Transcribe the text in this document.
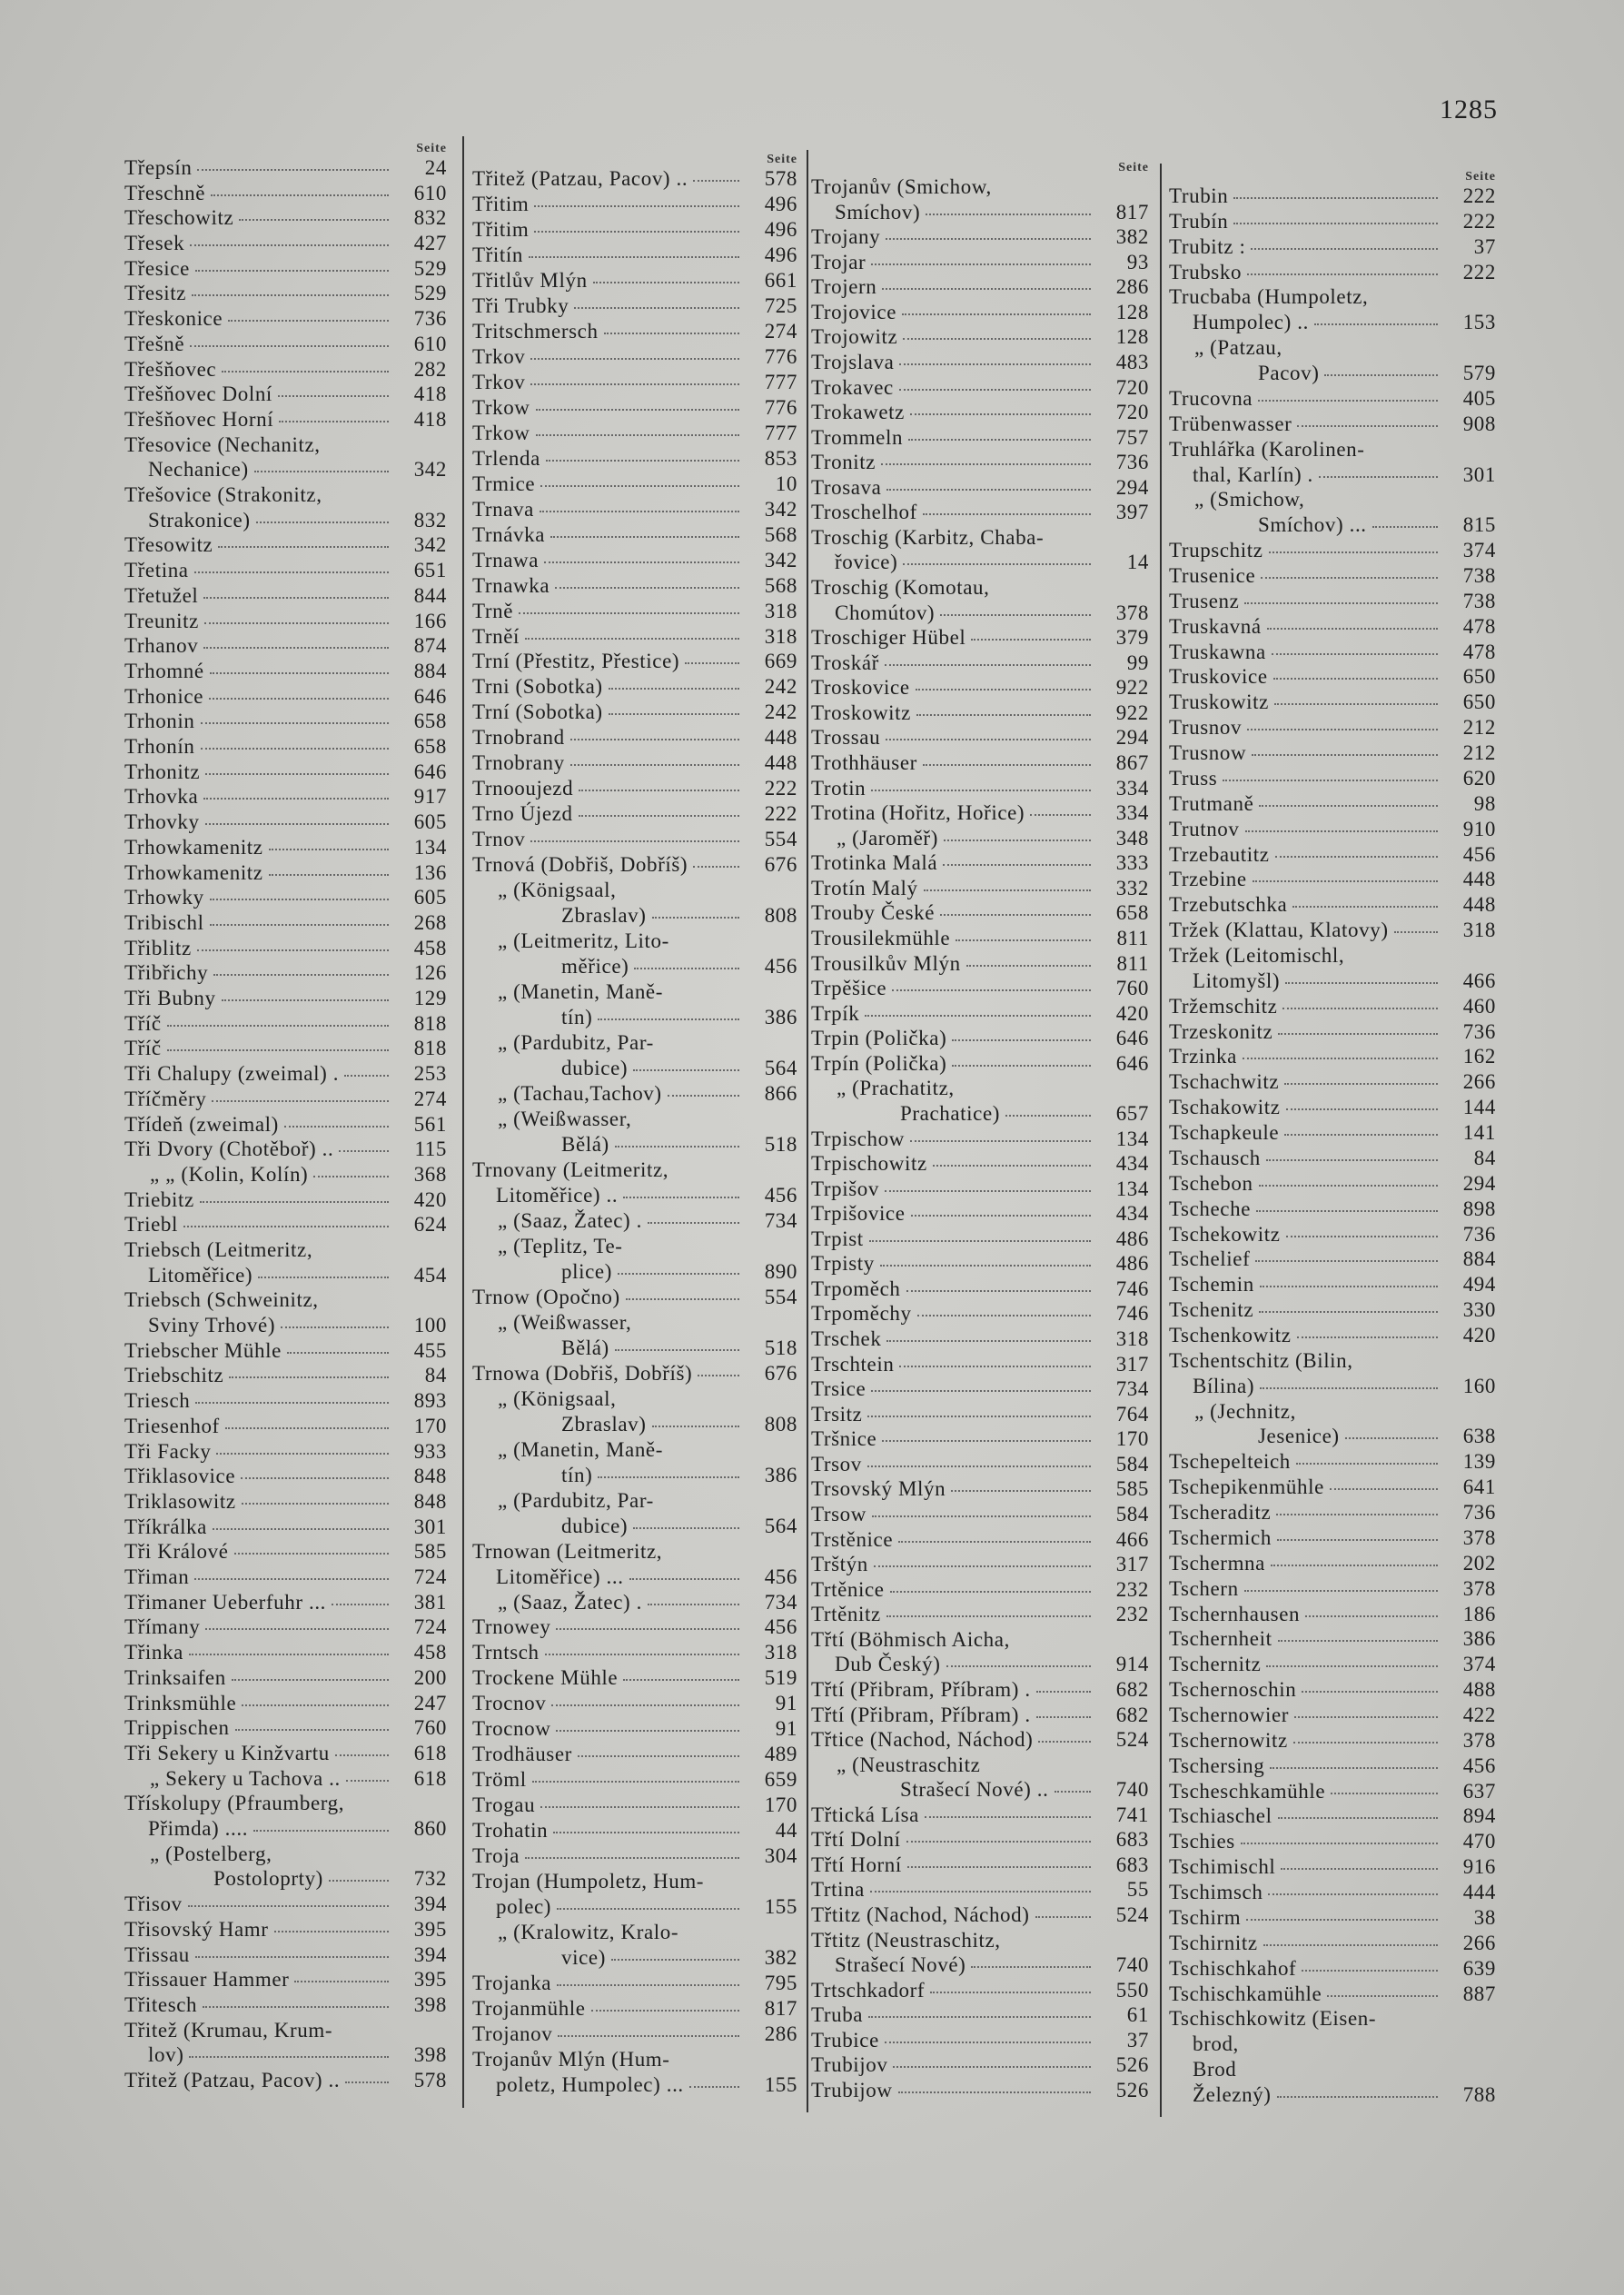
1285
Seite
Třepsín	24
Třeschně	610
Třeschowitz	832
Třesek	427
Třesice	529
Třesitz	529
Třeskonice	736
Třešně	610
Třešňovec	282
Třešňovec Dolní	418
Třešňovec Horní	418
Třesovice (Nechanitz,
Nechanice)	342
Třešovice (Strakonitz,
Strakonice)	832
Třesowitz	342
Třetina	651
Třetužel	844
Treunitz	166
Trhanov	874
Trhomné	884
Trhonice	646
Trhonin	658
Trhonín	658
Trhonitz	646
Trhovka	917
Trhovky	605
Trhowkamenitz	134
Trhowkamenitz	136
Trhowky	605
Tribischl	268
Třiblitz	458
Třibřichy	126
Tři Bubny	129
Tříč	818
Tříč	818
Tři Chalupy (zweimal) .	253
Tříčměry	274
Třídeň (zweimal)	561
Tři Dvory (Chotěboř) ..	115
„ „ (Kolin, Kolín)	368
Triebitz	420
Triebl	624
Triebsch (Leitmeritz,
Litoměřice)	454
Triebsch (Schweinitz,
Sviny Trhové)	100
Triebscher Mühle	455
Triebschitz	84
Triesch	893
Triesenhof	170
Tři Facky	933
Třiklasovice	848
Triklasowitz	848
Tříkrálka	301
Tři Králové	585
Třiman	724
Třimaner Ueberfuhr ...	381
Třímany	724
Třinka	458
Trinksaifen	200
Trinksmühle	247
Trippischen	760
Tři Sekery u Kinžvartu	618
„ Sekery u Tachova ..	618
Třískolupy (Pfraumberg,
Přimda) ....	860
„ (Postelberg,
Postoloprty)	732
Třisov	394
Třisovský Hamr	395
Třissau	394
Třissauer Hammer	395
Třitesch	398
Třitež (Krumau, Krum-
lov)	398
Třitež (Patzau, Pacov) ..	578
Seite
Třitež (Patzau, Pacov) ..	578
Třitim	496
Třitim	496
Třitín	496
Třitlův Mlýn	661
Tři Trubky	725
Tritschmersch	274
Trkov	776
Trkov	777
Trkow	776
Trkow	777
Trlenda	853
Trmice	10
Trnava	342
Trnávka	568
Trnawa	342
Trnawka	568
Trně	318
Trněí	318
Trní (Přestitz, Přestice)	669
Trni (Sobotka)	242
Trní (Sobotka)	242
Trnobrand	448
Trnobrany	448
Trnooujezd	222
Trno Újezd	222
Trnov	554
Trnová (Dobřiš, Dobříš)	676
„ (Königsaal,
Zbraslav)	808
„ (Leitmeritz, Lito-
měřice)	456
„ (Manetin, Maně-
tín)	386
„ (Pardubitz, Par-
dubice)	564
„ (Tachau,Tachov)	866
„ (Weißwasser,
Bělá)	518
Trnovany (Leitmeritz,
Litoměřice) ..	456
„ (Saaz, Žatec) .	734
„ (Teplitz, Te-
plice)	890
Trnow (Opočno)	554
„ (Weißwasser,
Bělá)	518
Trnowa (Dobřiš, Dobříš)	676
„ (Königsaal,
Zbraslav)	808
„ (Manetin, Maně-
tín)	386
„ (Pardubitz, Par-
dubice)	564
Trnowan (Leitmeritz,
Litoměřice) ...	456
„ (Saaz, Žatec) .	734
Trnowey	456
Trntsch	318
Trockene Mühle	519
Trocnov	91
Trocnow	91
Trodhäuser	489
Tröml	659
Trogau	170
Trohatin	44
Troja	304
Trojan (Humpoletz, Hum-
polec)	155
„ (Kralowitz, Kralo-
vice)	382
Trojanka	795
Trojanmühle	817
Trojanov	286
Trojanův Mlýn (Hum-
poletz, Humpolec) ...	155
Seite
Trojanův (Smichow,
Smíchov)	817
Trojany	382
Trojar	93
Trojern	286
Trojovice	128
Trojowitz	128
Trojslava	483
Trokavec	720
Trokawetz	720
Trommeln	757
Tronitz	736
Trosava	294
Troschelhof	397
Troschig (Karbitz, Chaba-
řovice)	14
Troschig (Komotau,
Chomútov)	378
Troschiger Hübel	379
Troskář	99
Troskovice	922
Troskowitz	922
Trossau	294
Trothhäuser	867
Trotin	334
Trotina (Hořitz, Hořice)	334
„ (Jaroměř)	348
Trotinka Malá	333
Trotín Malý	332
Trouby České	658
Trousilekmühle	811
Trousilkův Mlýn	811
Trpěšice	760
Trpík	420
Trpin (Polička)	646
Trpín (Polička)	646
„ (Prachatitz,
Prachatice)	657
Trpischow	134
Trpischowitz	434
Trpišov	134
Trpišovice	434
Trpist	486
Trpisty	486
Trpoměch	746
Trpoměchy	746
Trschek	318
Trschtein	317
Trsice	734
Trsitz	764
Tršnice	170
Trsov	584
Trsovský Mlýn	585
Trsow	584
Trstěnice	466
Trštýn	317
Trtěnice	232
Trtěnitz	232
Třtí (Böhmisch Aicha,
Dub Český)	914
Třtí (Přibram, Příbram) .	682
Třtí (Přibram, Příbram) .	682
Třtice (Nachod, Náchod)	524
„ (Neustraschitz
Strašecí Nové) ..	740
Třtická Lísa	741
Třtí Dolní	683
Třtí Horní	683
Trtina	55
Třtitz (Nachod, Náchod)	524
Třtitz (Neustraschitz,
Strašecí Nové)	740
Trtschkadorf	550
Truba	61
Trubice	37
Trubijov	526
Trubijow	526
Seite
Trubin	222
Trubín	222
Trubitz :	37
Trubsko	222
Trucbaba (Humpoletz,
Humpolec) ..	153
„ (Patzau,
Pacov)	579
Trucovna	405
Trübenwasser	908
Truhlářka (Karolinen-
thal, Karlín) .	301
„ (Smichow,
Smíchov) ...	815
Trupschitz	374
Trusenice	738
Trusenz	738
Truskavná	478
Truskawna	478
Truskovice	650
Truskowitz	650
Trusnov	212
Trusnow	212
Truss	620
Trutmaně	98
Trutnov	910
Trzebautitz	456
Trzebine	448
Trzebutschka	448
Tržek (Klattau, Klatovy)	318
Tržek (Leitomischl,
Litomyšl)	466
Tržemschitz	460
Trzeskonitz	736
Trzinka	162
Tschachwitz	266
Tschakowitz	144
Tschapkeule	141
Tschausch	84
Tschebon	294
Tscheche	898
Tschekowitz	736
Tschelief	884
Tschemin	494
Tschenitz	330
Tschenkowitz	420
Tschentschitz (Bilin,
Bílina)	160
„ (Jechnitz,
Jesenice)	638
Tschepelteich	139
Tschepikenmühle	641
Tscheraditz	736
Tschermich	378
Tschermna	202
Tschern	378
Tschernhausen	186
Tschernheit	386
Tschernitz	374
Tschernoschin	488
Tschernowier	422
Tschernowitz	378
Tschersing	456
Tscheschkamühle	637
Tschiaschel	894
Tschies	470
Tschimischl	916
Tschimsch	444
Tschirm	38
Tschirnitz	266
Tschischkahof	639
Tschischkamühle	887
Tschischkowitz (Eisen-
brod,
Brod
Železný)	788
